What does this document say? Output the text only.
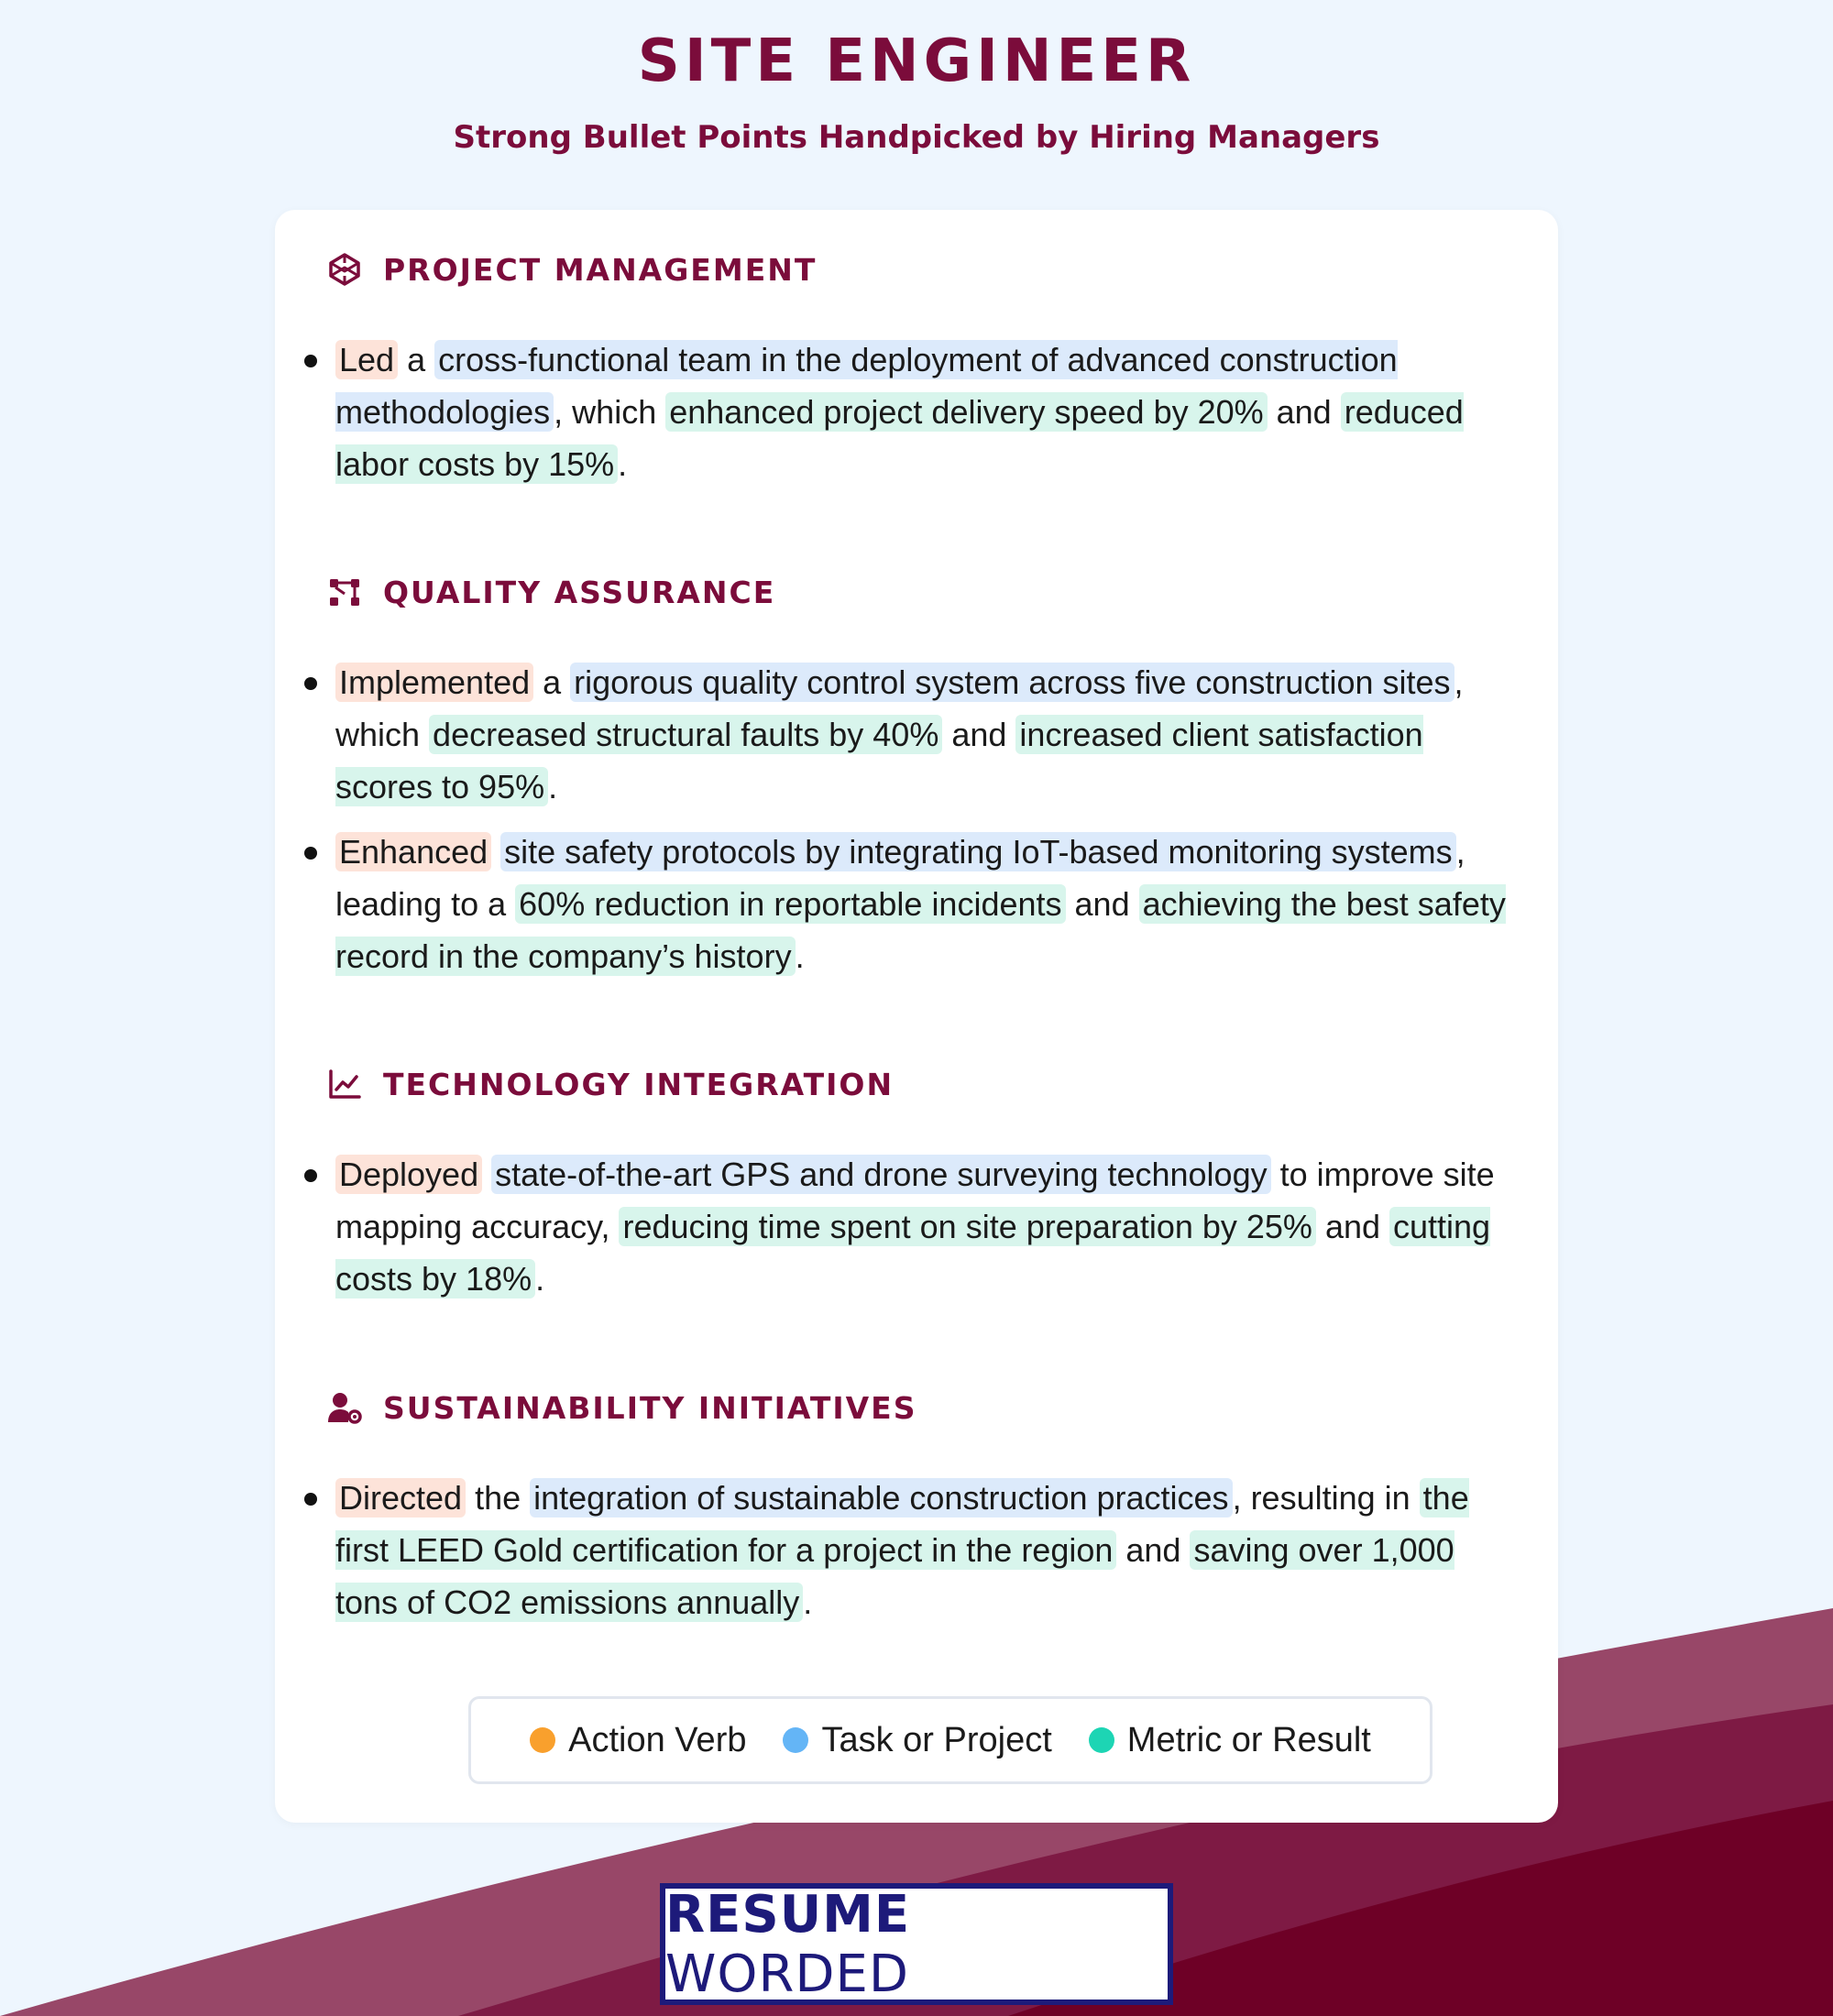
SITE ENGINEER
Strong Bullet Points Handpicked by Hiring Managers
PROJECT MANAGEMENT
Led a cross-functional team in the deployment of advanced construction methodologies , which enhanced project delivery speed by 20% and reduced labor costs by 15% .
QUALITY ASSURANCE
Implemented a rigorous quality control system across five construction sites , which decreased structural faults by 40% and increased client satisfaction scores to 95% .
Enhanced site safety protocols by integrating IoT-based monitoring systems , leading to a 60% reduction in reportable incidents and achieving the best safety record in the company’s history .
TECHNOLOGY INTEGRATION
Deployed state-of-the-art GPS and drone surveying technology to improve site mapping accuracy, reducing time spent on site preparation by 25% and cutting costs by 18% .
SUSTAINABILITY INITIATIVES
Directed the integration of sustainable construction practices , resulting in the first LEED Gold certification for a project in the region and saving over 1,000 tons of CO2 emissions annually .
Action Verb Task or Project Metric or Result
RESUME WORDED
